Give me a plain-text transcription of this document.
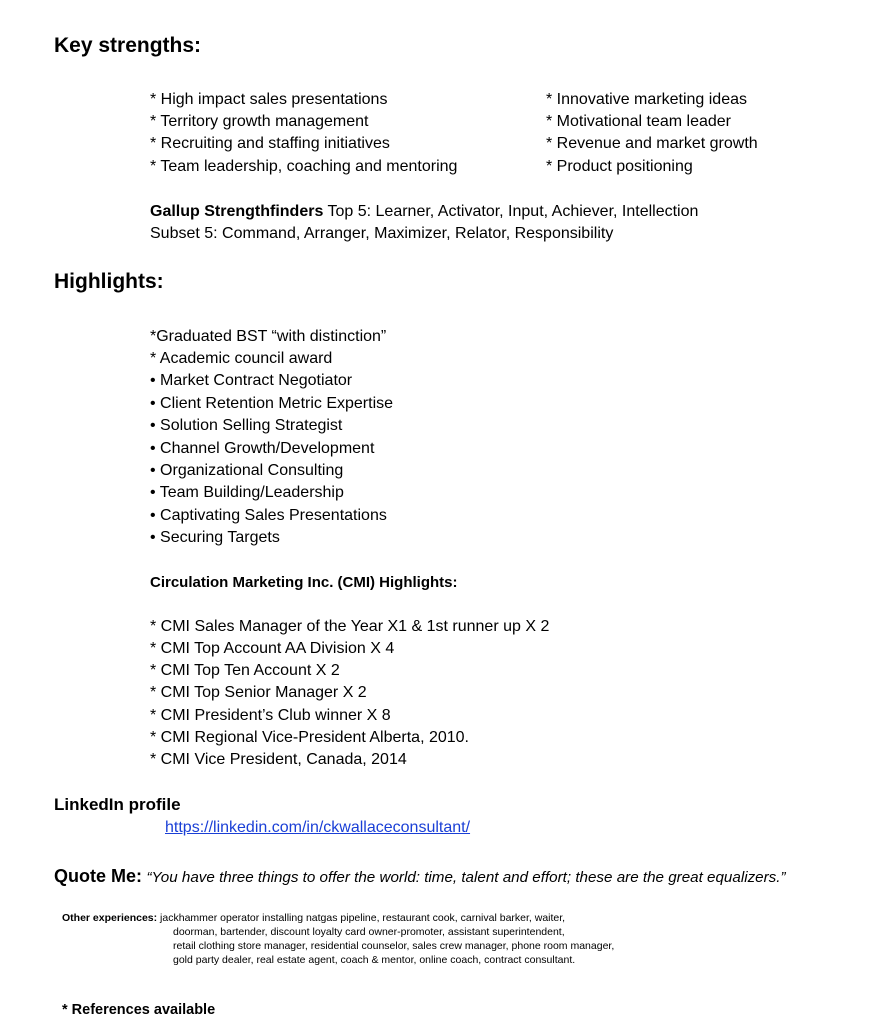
Key strengths:
* High impact sales presentations
* Territory growth management
* Recruiting and staffing initiatives
* Team leadership, coaching and mentoring
* Innovative marketing ideas
* Motivational team leader
* Revenue and market growth
* Product positioning
Gallup Strengthfinders Top 5: Learner, Activator, Input, Achiever, Intellection
Subset 5: Command, Arranger, Maximizer, Relator, Responsibility
Highlights:
*Graduated BST “with distinction”
* Academic council award
• Market Contract Negotiator
• Client Retention Metric Expertise
• Solution Selling Strategist
• Channel Growth/Development
• Organizational Consulting
• Team Building/Leadership
• Captivating Sales Presentations
• Securing Targets
Circulation Marketing Inc. (CMI) Highlights:
* CMI Sales Manager of the Year X1 & 1st runner up X 2
* CMI Top Account AA Division X 4
* CMI Top Ten Account X 2
* CMI Top Senior Manager X 2
* CMI President’s Club winner X 8
* CMI Regional Vice-President Alberta, 2010.
* CMI Vice President, Canada, 2014
LinkedIn profile
https://linkedin.com/in/ckwallaceconsultant/
Quote Me: “You have three things to offer the world: time, talent and effort; these are the great equalizers.”
Other experiences: jackhammer operator installing natgas pipeline, restaurant cook, carnival barker, waiter,
doorman, bartender, discount loyalty card owner-promoter, assistant superintendent,
retail clothing store manager, residential counselor, sales crew manager, phone room manager,
gold party dealer, real estate agent, coach & mentor, online coach, contract consultant.
* References available
